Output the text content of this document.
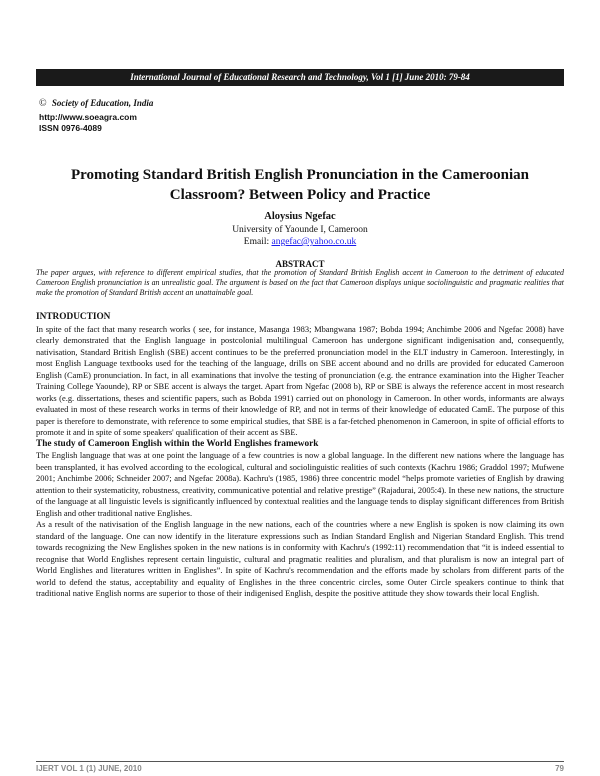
International Journal of Educational Research and Technology, Vol 1 [1] June 2010: 79-84
© Society of Education, India
http://www.soeagra.com
ISSN 0976-4089
Promoting Standard British English Pronunciation in the Cameroonian Classroom? Between Policy and Practice
Aloysius Ngefac
University of Yaounde I, Cameroon
Email: angefac@yahoo.co.uk
ABSTRACT
The paper argues, with reference to different empirical studies, that the promotion of Standard British English accent in Cameroon to the detriment of educated Cameroon English pronunciation is an unrealistic goal. The argument is based on the fact that Cameroon displays unique sociolinguistic and pragmatic realities that make the promotion of Standard British accent an unattainable goal.
INTRODUCTION

In spite of the fact that many research works ( see, for instance, Masanga 1983; Mbangwana 1987; Bobda 1994; Anchimbe 2006 and Ngefac 2008) have clearly demonstrated that the English language in postcolonial multilingual Cameroon has undergone significant indigenisation and, consequently, nativisation, Standard British English (SBE) accent continues to be the preferred pronunciation model in the ELT industry in Cameroon. Interestingly, in most English Language textbooks used for the teaching of the language, drills on SBE accent abound and no drills are provided for educated Cameroon English (CamE) pronunciation. In fact, in all examinations that involve the testing of pronunciation (e.g. the entrance examination into the Higher Teacher Training College Yaounde), RP or SBE accent is always the target. Apart from Ngefac (2008 b), RP or SBE is always the reference accent in most research works (e.g. dissertations, theses and scientific papers, such as Bobda 1991) carried out on phonology in Cameroon. In other words, informants are always evaluated in most of these research works in terms of their knowledge of RP, and not in terms of their knowledge of educated CamE. The purpose of this paper is therefore to demonstrate, with reference to some empirical studies, that SBE is a far-fetched phenomenon in Cameroon, in spite of official efforts to promote it and in spite of some speakers' qualification of their accent as SBE.

The study of Cameroon English within the World Englishes framework

The English language that was at one point the language of a few countries is now a global language. In the different new nations where the language has been transplanted, it has evolved according to the ecological, cultural and sociolinguistic realities of such contexts (Kachru 1986; Graddol 1997; Mufwene 2001; Anchimbe 2006; Schneider 2007; and Ngefac 2008a). Kachru's (1985, 1986) three concentric model “helps promote varieties of English by drawing attention to their systematicity, robustness, creativity, communicative potential and relative prestige” (Rajadurai, 2005:4). In these new nations, the structure of the language at all linguistic levels is significantly influenced by contextual realities and the language tends to display significant differences from British English and other traditional native Englishes.

As a result of the nativisation of the English language in the new nations, each of the countries where a new English is spoken is now claiming its own standard of the language. One can now identify in the literature expressions such as Indian Standard English and Nigerian Standard English. This trend towards recognizing the New Englishes spoken in the new nations is in conformity with Kachru's (1992:11) recommendation that “it is indeed essential to recognise that World Englishes represent certain linguistic, cultural and pragmatic realities and pluralism, and that pluralism is now an integral part of World Englishes and literatures written in Englishes”. In spite of Kachru's recommendation and the efforts made by scholars from different parts of the world to defend the status, acceptability and equality of Englishes in the three concentric circles, some Outer Circle speakers continue to think that traditional native English norms are superior to those of their indigenised English, despite the positive attitude they show towards their local English.

IJERT VOL 1 (1) JUNE, 2010	79
